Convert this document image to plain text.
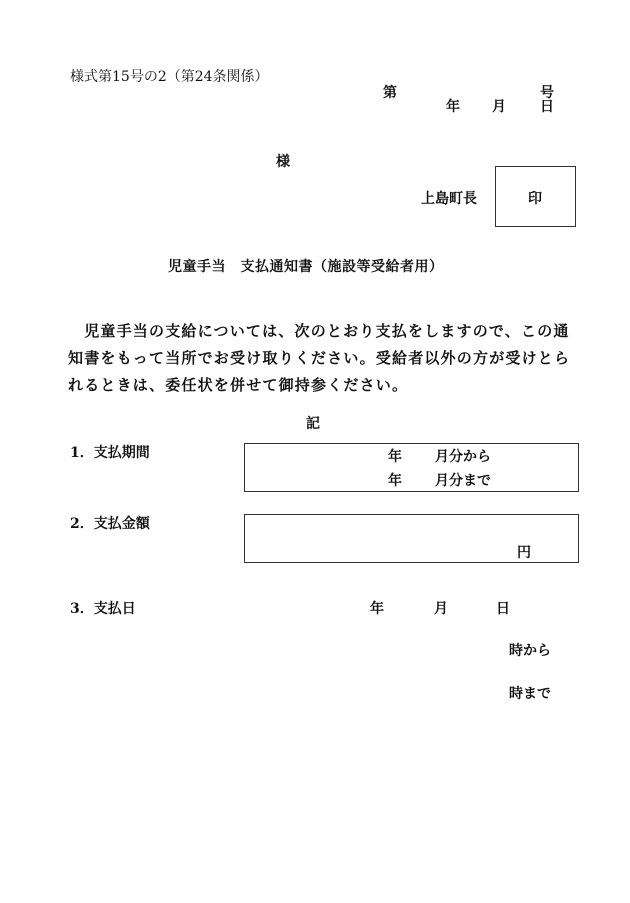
様式第15号の2（第24条関係）
第	号
年 月 日
様
上島町長	印
児童手当　支払通知書（施設等受給者用）
　児童手当の支給については、次のとおり支払をしますので、この通
知書をもって当所でお受け取りください。受給者以外の方が受けとら
れるときは、委任状を併せて御持参ください。
記
1．支払期間	年 月分から
年 月分まで
2．支払金額
円
3．支払日	年	月	日
時から
時まで
